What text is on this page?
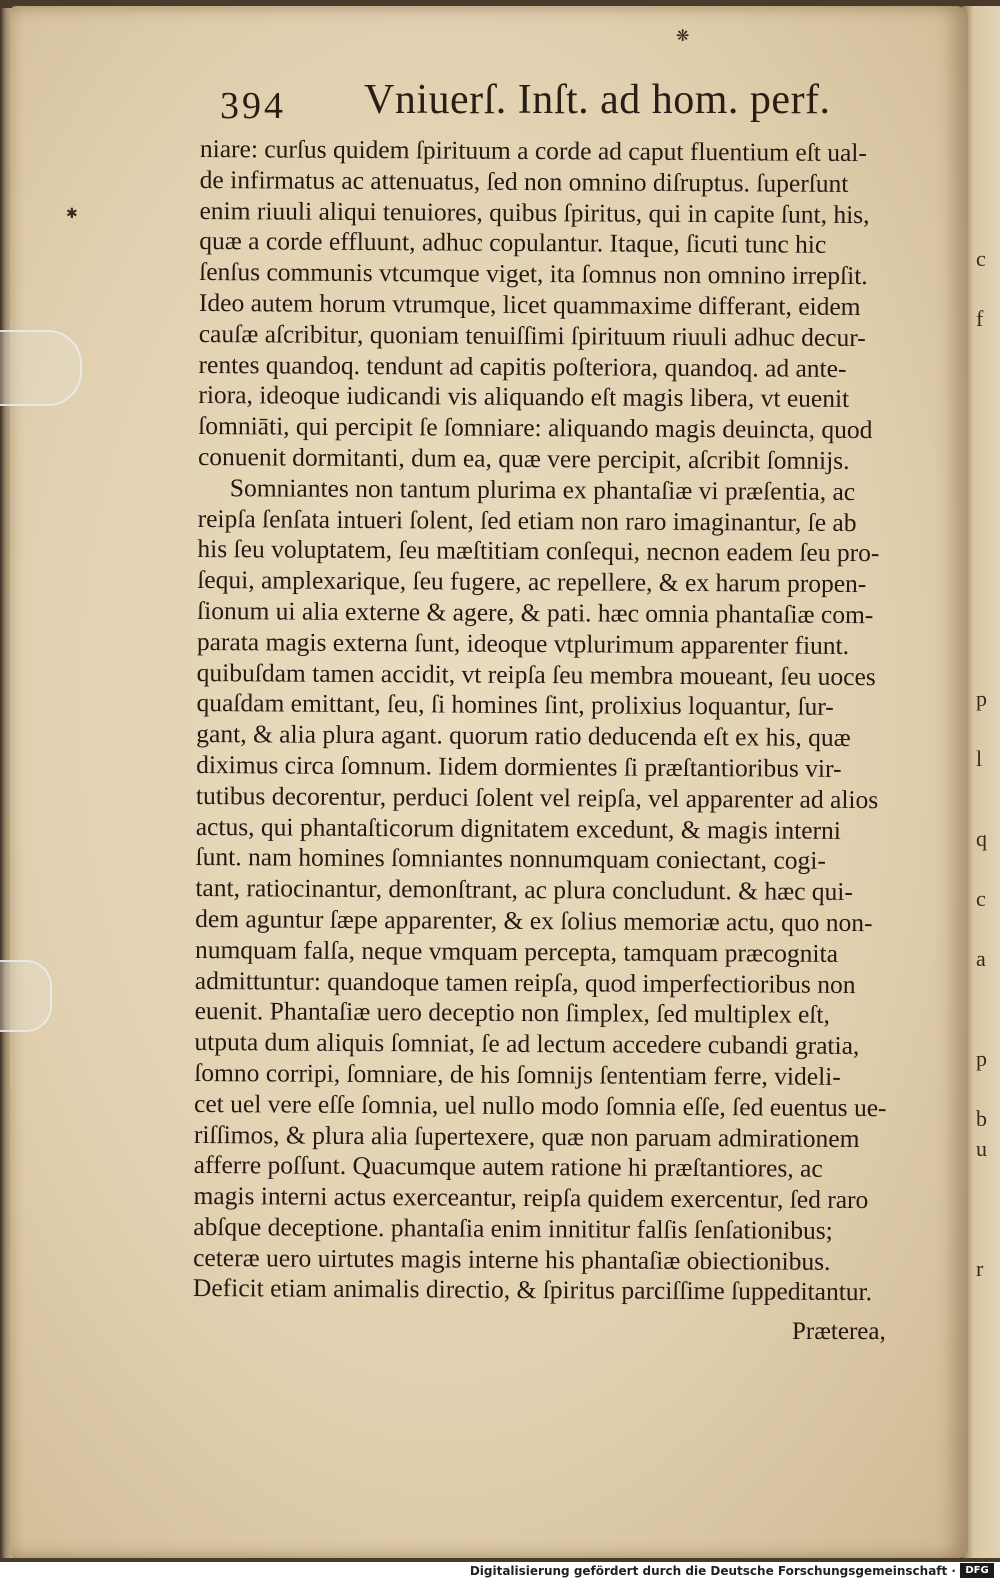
c
f
p
l
q
c
a
p
b
u
r
❋
✱
394 Vniuerſ. Inſt. ad hom. perf.
niare: curſus quidem ſpirituum a corde ad caput fluentium eſt ual-
de infirmatus ac attenuatus, ſed non omnino diſruptus. ſuperſunt
enim riuuli aliqui tenuiores, quibus ſpiritus, qui in capite ſunt, his,
quæ a corde effluunt, adhuc copulantur. Itaque, ſicuti tunc hic
ſenſus communis vtcumque viget, ita ſomnus non omnino irrepſit.
Ideo autem horum vtrumque, licet quammaxime differant, eidem
cauſæ aſcribitur, quoniam tenuiſſimi ſpirituum riuuli adhuc decur-
rentes quandoq. tendunt ad capitis poſteriora, quandoq. ad ante-
riora, ideoque iudicandi vis aliquando eſt magis libera, vt euenit
ſomniāti, qui percipit ſe ſomniare: aliquando magis deuincta, quod
conuenit dormitanti, dum ea, quæ vere percipit, aſcribit ſomnijs.
Somniantes non tantum plurima ex phantaſiæ vi præſentia, ac
reipſa ſenſata intueri ſolent, ſed etiam non raro imaginantur, ſe ab
his ſeu voluptatem, ſeu mæſtitiam conſequi, necnon eadem ſeu pro-
ſequi, amplexarique, ſeu fugere, ac repellere, & ex harum propen-
ſionum ui alia externe & agere, & pati. hæc omnia phantaſiæ com-
parata magis externa ſunt, ideoque vtplurimum apparenter fiunt.
quibuſdam tamen accidit, vt reipſa ſeu membra moueant, ſeu uoces
quaſdam emittant, ſeu, ſi homines ſint, prolixius loquantur, ſur-
gant, & alia plura agant. quorum ratio deducenda eſt ex his, quæ
diximus circa ſomnum. Iidem dormientes ſi præſtantioribus vir-
tutibus decorentur, perduci ſolent vel reipſa, vel apparenter ad alios
actus, qui phantaſticorum dignitatem excedunt, & magis interni
ſunt. nam homines ſomniantes nonnumquam coniectant, cogi-
tant, ratiocinantur, demonſtrant, ac plura concludunt. & hæc qui-
dem aguntur ſæpe apparenter, & ex ſolius memoriæ actu, quo non-
numquam falſa, neque vmquam percepta, tamquam præcognita
admittuntur: quandoque tamen reipſa, quod imperfectioribus non
euenit. Phantaſiæ uero deceptio non ſimplex, ſed multiplex eſt,
utputa dum aliquis ſomniat, ſe ad lectum accedere cubandi gratia,
ſomno corripi, ſomniare, de his ſomnijs ſententiam ferre, videli-
cet uel vere eſſe ſomnia, uel nullo modo ſomnia eſſe, ſed euentus ue-
riſſimos, & plura alia ſupertexere, quæ non paruam admirationem
afferre poſſunt. Quacumque autem ratione hi præſtantiores, ac
magis interni actus exerceantur, reipſa quidem exercentur, ſed raro
abſque deceptione. phantaſia enim innititur falſis ſenſationibus;
ceteræ uero uirtutes magis interne his phantaſiæ obiectionibus.
Deficit etiam animalis directio, & ſpiritus parciſſime ſuppeditantur.
Præterea,
Digitalisierung gefördert durch die Deutsche Forschungsgemeinschaft · DFG
